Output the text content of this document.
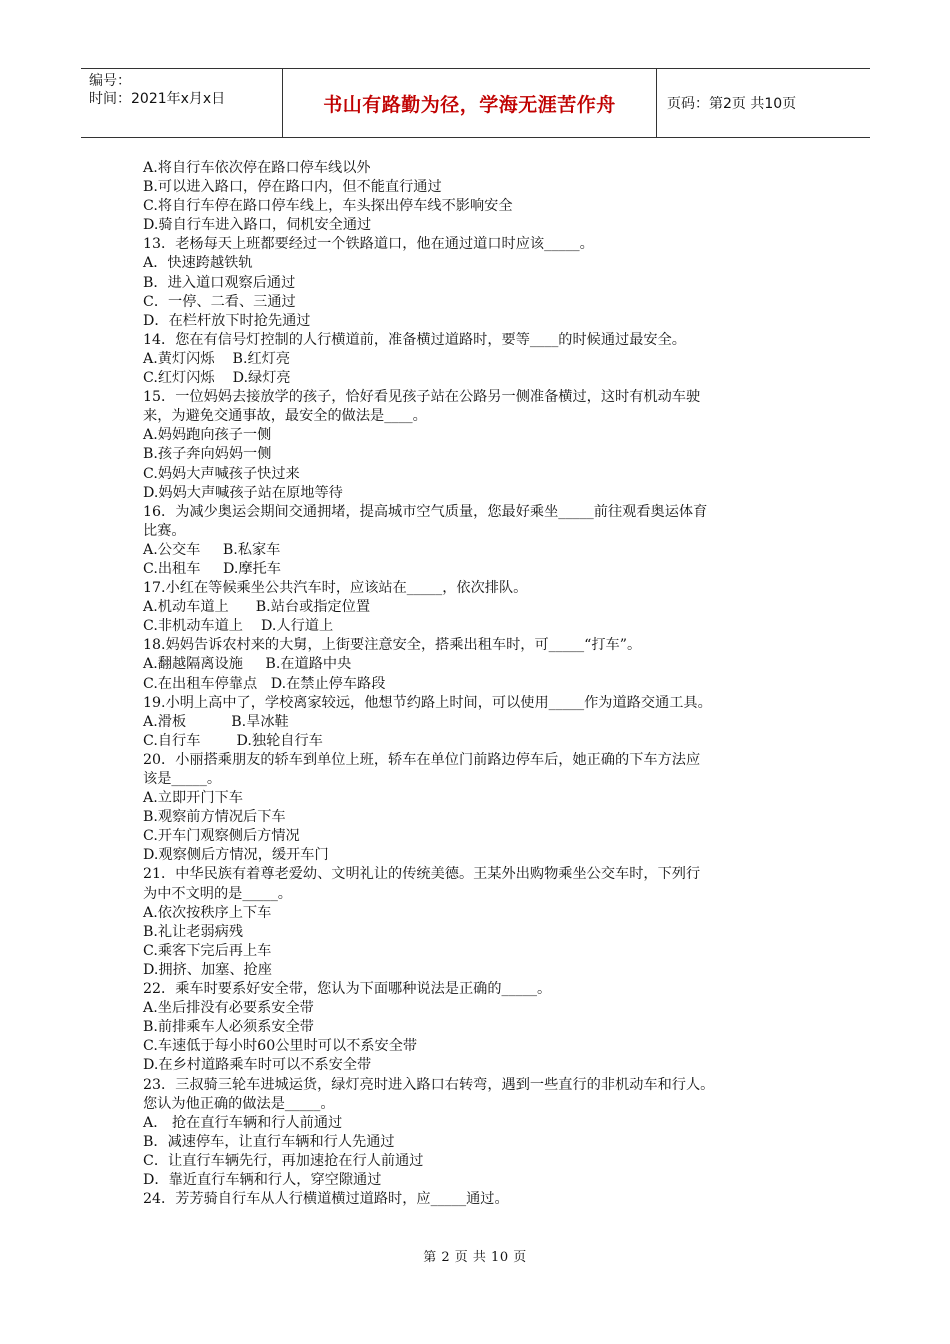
编号：
时间：2021年x月x日	书山有路勤为径，学海无涯苦作舟	页码：第2页 共10页
A.将自行车依次停在路口停车线以外
B.可以进入路口，停在路口内，但不能直行通过
C.将自行车停在路口停车线上，车头探出停车线不影响安全
D.骑自行车进入路口，伺机安全通过
13．老杨每天上班都要经过一个铁路道口，他在通过道口时应该_____。
A．快速跨越铁轨
B．进入道口观察后通过
C．一停、二看、三通过
D．在栏杆放下时抢先通过
14．您在有信号灯控制的人行横道前，准备横过道路时，要等____的时候通过最安全。
A.黄灯闪烁    B.红灯亮
C.红灯闪烁    D.绿灯亮
15．一位妈妈去接放学的孩子，恰好看见孩子站在公路另一侧准备横过，这时有机动车驶
来，为避免交通事故，最安全的做法是____。
A.妈妈跑向孩子一侧
B.孩子奔向妈妈一侧
C.妈妈大声喊孩子快过来
D.妈妈大声喊孩子站在原地等待
16．为减少奥运会期间交通拥堵，提高城市空气质量，您最好乘坐_____前往观看奥运体育
比赛。
A.公交车     B.私家车
C.出租车     D.摩托车
17.小红在等候乘坐公共汽车时，应该站在_____，依次排队。
A.机动车道上      B.站台或指定位置
C.非机动车道上    D.人行道上
18.妈妈告诉农村来的大舅，上街要注意安全，搭乘出租车时，可_____“打车”。
A.翻越隔离设施     B.在道路中央
C.在出租车停靠点   D.在禁止停车路段
19.小明上高中了，学校离家较远，他想节约路上时间，可以使用_____作为道路交通工具。
A.滑板          B.旱冰鞋
C.自行车        D.独轮自行车
20．小丽搭乘朋友的轿车到单位上班，轿车在单位门前路边停车后，她正确的下车方法应
该是_____。
A.立即开门下车
B.观察前方情况后下车
C.开车门观察侧后方情况
D.观察侧后方情况，缓开车门
21．中华民族有着尊老爱幼、文明礼让的传统美德。王某外出购物乘坐公交车时，下列行
为中不文明的是_____。
A.依次按秩序上下车
B.礼让老弱病残
C.乘客下完后再上车
D.拥挤、加塞、抢座
22．乘车时要系好安全带，您认为下面哪种说法是正确的_____。
A.坐后排没有必要系安全带
B.前排乘车人必须系安全带
C.车速低于每小时60公里时可以不系安全带
D.在乡村道路乘车时可以不系安全带
23．三叔骑三轮车进城运货，绿灯亮时进入路口右转弯，遇到一些直行的非机动车和行人。
您认为他正确的做法是_____。
A． 抢在直行车辆和行人前通过
B．减速停车，让直行车辆和行人先通过
C．让直行车辆先行，再加速抢在行人前通过
D．靠近直行车辆和行人，穿空隙通过
24．芳芳骑自行车从人行横道横过道路时，应_____通过。
第 2 页 共 10 页
